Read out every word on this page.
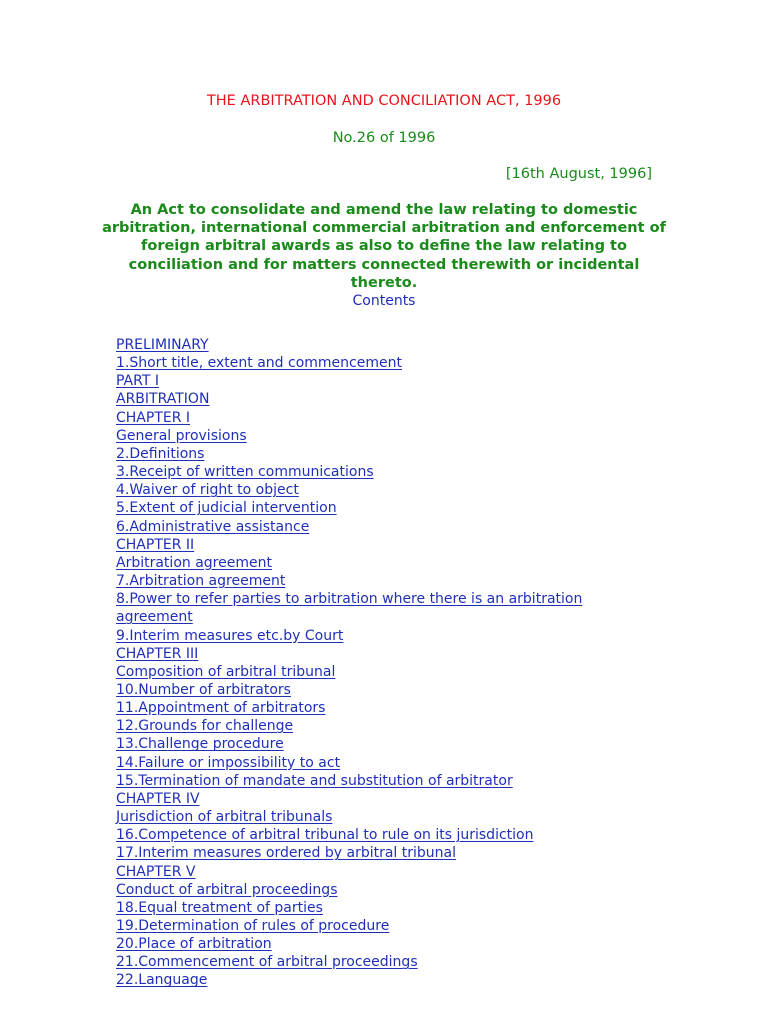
THE ARBITRATION AND CONCILIATION ACT, 1996
No.26 of 1996
[16th August, 1996]
An Act to consolidate and amend the law relating to domestic arbitration, international commercial arbitration and enforcement of foreign arbitral awards as also to define the law relating to conciliation and for matters connected therewith or incidental thereto.
Contents
PRELIMINARY
1.Short title, extent and commencement
PART I
ARBITRATION
CHAPTER I
General provisions
2.Definitions
3.Receipt of written communications
4.Waiver of right to object
5.Extent of judicial intervention
6.Administrative assistance
CHAPTER II
Arbitration agreement
7.Arbitration agreement
8.Power to refer parties to arbitration where there is an arbitration agreement
9.Interim measures etc.by Court
CHAPTER III
Composition of arbitral tribunal
10.Number of arbitrators
11.Appointment of arbitrators
12.Grounds for challenge
13.Challenge procedure
14.Failure or impossibility to act
15.Termination of mandate and substitution of arbitrator
CHAPTER IV
Jurisdiction of arbitral tribunals
16.Competence of arbitral tribunal to rule on its jurisdiction
17.Interim measures ordered by arbitral tribunal
CHAPTER V
Conduct of arbitral proceedings
18.Equal treatment of parties
19.Determination of rules of procedure
20.Place of arbitration
21.Commencement of arbitral proceedings
22.Language
